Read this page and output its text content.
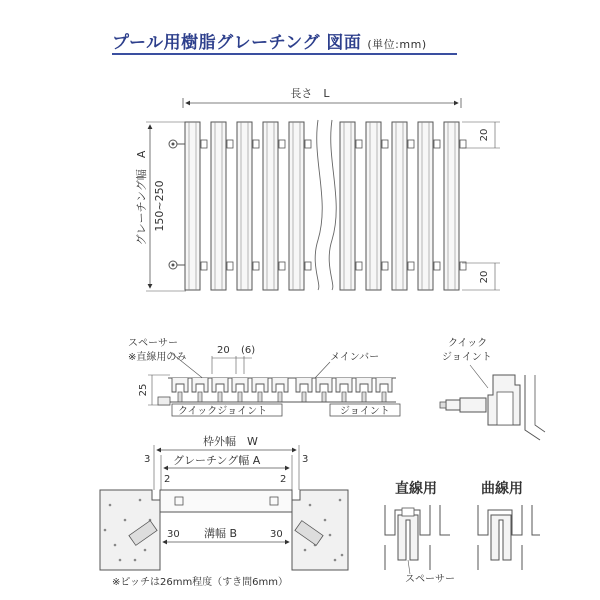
プール用樹脂グレーチング 図面 (単位:mm)
長さ　L
グレーチング幅　A 150~250
20
20
スペーサー
※直線用のみ
20 (6)
25
クイックジョイント
メインバー
ジョイント
クイック
ジョイント
枠外幅　W
グレーチング幅 A
3	3
2	2
溝幅 B
30	30
直線用	曲線用
スペーサー
※ピッチは26mm程度（すき間6mm）
